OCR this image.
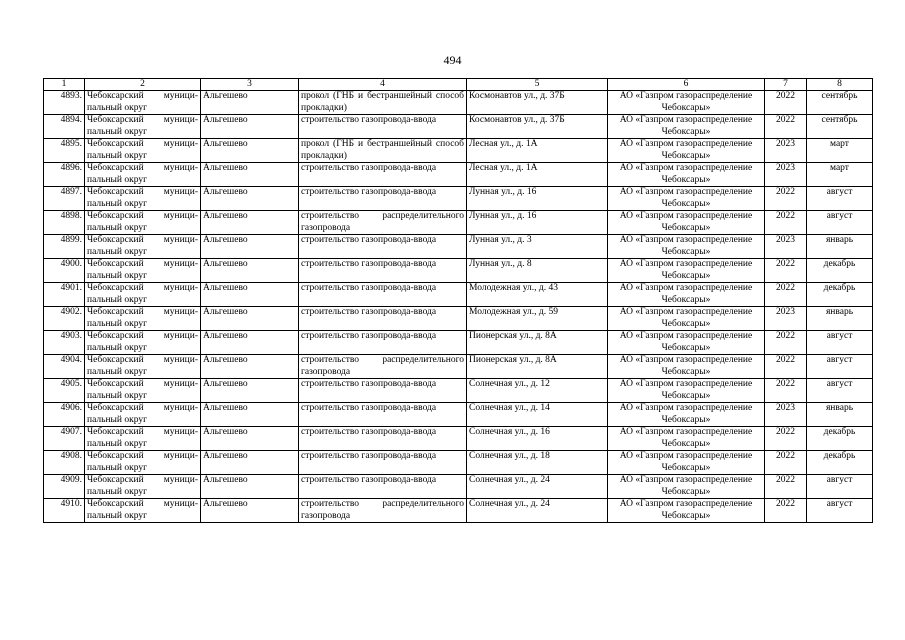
494
1	2	3	4	5	6	7	8
4893.	Чебоксарский муници-пальный округ	Альгешево	прокол (ГНБ и бестраншейный способ прокладки)	Космонавтов ул., д. 37Б	АО «Газпром газораспределение Чебоксары»	2022	сентябрь
4894.	Чебоксарский муници-пальный округ	Альгешево	строительство газопровода-ввода	Космонавтов ул., д. 37Б	АО «Газпром газораспределение Чебоксары»	2022	сентябрь
4895.	Чебоксарский муници-пальный округ	Альгешево	прокол (ГНБ и бестраншейный способ прокладки)	Лесная ул., д. 1А	АО «Газпром газораспределение Чебоксары»	2023	март
4896.	Чебоксарский муници-пальный округ	Альгешево	строительство газопровода-ввода	Лесная ул., д. 1А	АО «Газпром газораспределение Чебоксары»	2023	март
4897.	Чебоксарский муници-пальный округ	Альгешево	строительство газопровода-ввода	Лунная ул., д. 16	АО «Газпром газораспределение Чебоксары»	2022	август
4898.	Чебоксарский муници-пальный округ	Альгешево	строительство распределительного газопровода	Лунная ул., д. 16	АО «Газпром газораспределение Чебоксары»	2022	август
4899.	Чебоксарский муници-пальный округ	Альгешево	строительство газопровода-ввода	Лунная ул., д. 3	АО «Газпром газораспределение Чебоксары»	2023	январь
4900.	Чебоксарский муници-пальный округ	Альгешево	строительство газопровода-ввода	Лунная ул., д. 8	АО «Газпром газораспределение Чебоксары»	2022	декабрь
4901.	Чебоксарский муници-пальный округ	Альгешево	строительство газопровода-ввода	Молодежная ул., д. 43	АО «Газпром газораспределение Чебоксары»	2022	декабрь
4902.	Чебоксарский муници-пальный округ	Альгешево	строительство газопровода-ввода	Молодежная ул., д. 59	АО «Газпром газораспределение Чебоксары»	2023	январь
4903.	Чебоксарский муници-пальный округ	Альгешево	строительство газопровода-ввода	Пионерская ул., д. 8А	АО «Газпром газораспределение Чебоксары»	2022	август
4904.	Чебоксарский муници-пальный округ	Альгешево	строительство распределительного газопровода	Пионерская ул., д. 8А	АО «Газпром газораспределение Чебоксары»	2022	август
4905.	Чебоксарский муници-пальный округ	Альгешево	строительство газопровода-ввода	Солнечная ул., д. 12	АО «Газпром газораспределение Чебоксары»	2022	август
4906.	Чебоксарский муници-пальный округ	Альгешево	строительство газопровода-ввода	Солнечная ул., д. 14	АО «Газпром газораспределение Чебоксары»	2023	январь
4907.	Чебоксарский муници-пальный округ	Альгешево	строительство газопровода-ввода	Солнечная ул., д. 16	АО «Газпром газораспределение Чебоксары»	2022	декабрь
4908.	Чебоксарский муници-пальный округ	Альгешево	строительство газопровода-ввода	Солнечная ул., д. 18	АО «Газпром газораспределение Чебоксары»	2022	декабрь
4909.	Чебоксарский муници-пальный округ	Альгешево	строительство газопровода-ввода	Солнечная ул., д. 24	АО «Газпром газораспределение Чебоксары»	2022	август
4910.	Чебоксарский муници-пальный округ	Альгешево	строительство распределительного газопровода	Солнечная ул., д. 24	АО «Газпром газораспределение Чебоксары»	2022	август
